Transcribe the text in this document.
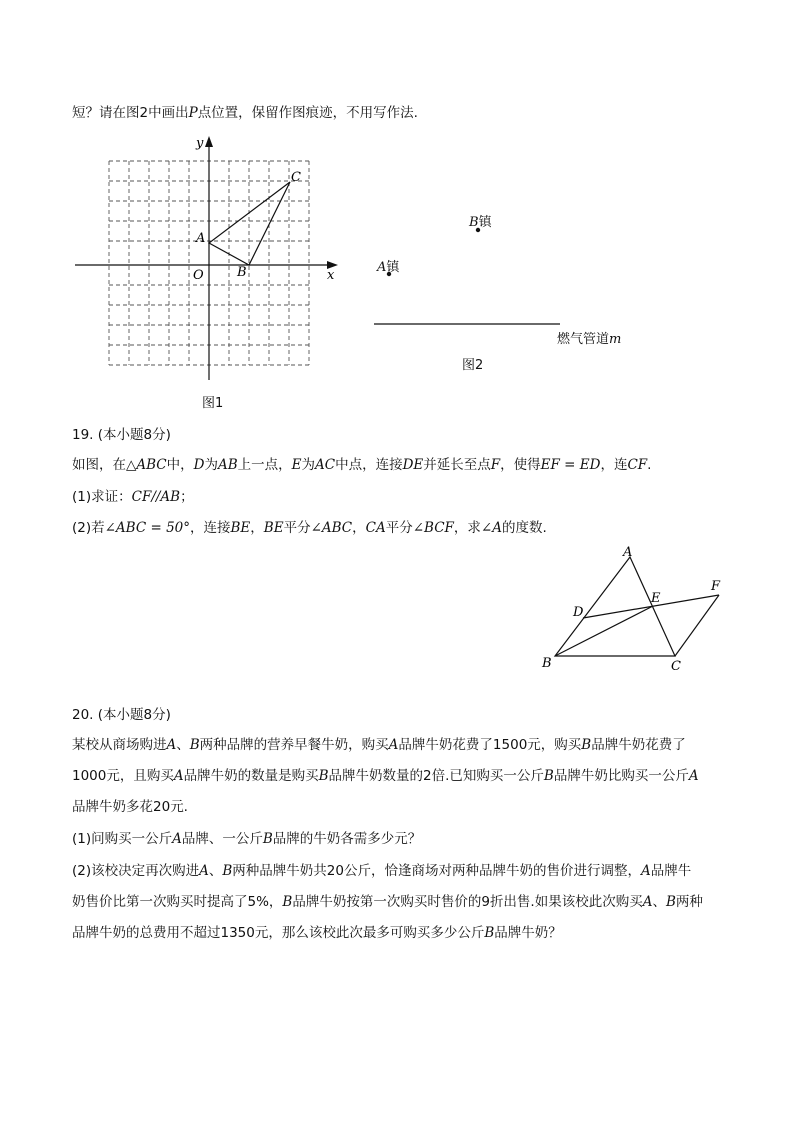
短？请在图2中画出P点位置，保留作图痕迹，不用写作法.
x
y
O
A
B
C
图1
B镇
A镇
燃气管道m
图2
19. (本小题8分)
如图，在△ABC中，D为AB上一点，E为AC中点，连接DE并延长至点F，使得EF = ED，连CF.
(1)求证：CF//AB；
(2)若∠ABC = 50°，连接BE，BE平分∠ABC，CA平分∠BCF，求∠A的度数.
A
B	C
D
E
F
20. (本小题8分)
某校从商场购进A、B两种品牌的营养早餐牛奶，购买A品牌牛奶花费了1500元，购买B品牌牛奶花费了
1000元，且购买A品牌牛奶的数量是购买B品牌牛奶数量的2倍.已知购买一公斤B品牌牛奶比购买一公斤A
品牌牛奶多花20元.
(1)问购买一公斤A品牌、一公斤B品牌的牛奶各需多少元？
(2)该校决定再次购进A、B两种品牌牛奶共20公斤，恰逢商场对两种品牌牛奶的售价进行调整，A品牌牛
奶售价比第一次购买时提高了5%，B品牌牛奶按第一次购买时售价的9折出售.如果该校此次购买A、B两种
品牌牛奶的总费用不超过1350元，那么该校此次最多可购买多少公斤B品牌牛奶？
